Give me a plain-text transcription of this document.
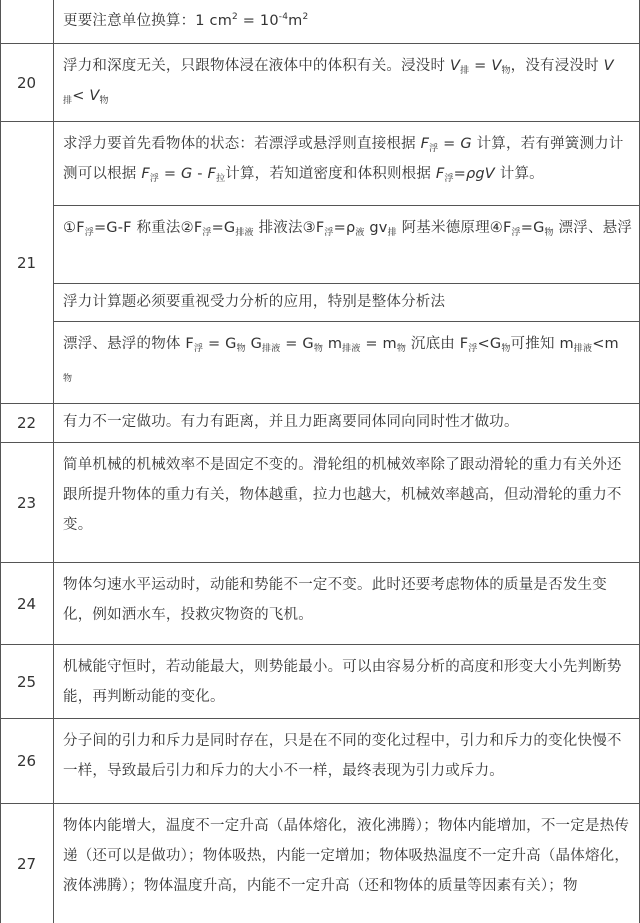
更要注意单位换算：1 $cm^2 = 10^{-4}m^2$
20
浮力和深度无关，只跟物体浸在液体中的体积有关。浸没时 $V_排 = V_物$，没有浸没时 V
$_排< V_物$
21
求浮力要首先看物体的状态：若漂浮或悬浮则直接根据 $F_浮 = G$ 计算，若有弹簧测力计测可以根据 $F_浮 = G - F_拉$计算，若知道密度和体积则根据 $F_浮=\rho gV$ 计算。
$①F_浮=G-F$ 称重法$②F_浮=G_{排液}$ 排液法$③F_浮=\rho_液$ $gv_排$ 阿基米德原理$④F_浮=G_物$ 漂浮、悬浮
浮力计算题必须要重视受力分析的应用，特别是整体分析法
漂浮、悬浮的物体 $F_浮 = G_物$ $G_{排液} = G_物$ $m_{排液} = m_物$ 沉底由 $F_浮<G_物$可推知 $m_{排液}<m$
$_物$
22	有力不一定做功。有力有距离，并且力距离要同体同向同时性才做功。
23
简单机械的机械效率不是固定不变的。滑轮组的机械效率除了跟动滑轮的重力有关外还跟所提升物体的重力有关，物体越重，拉力也越大，机械效率越高，但动滑轮的重力不变。
24
物体匀速水平运动时，动能和势能不一定不变。此时还要考虑物体的质量是否发生变化，例如洒水车，投救灾物资的飞机。
25
机械能守恒时，若动能最大，则势能最小。可以由容易分析的高度和形变大小先判断势能，再判断动能的变化。
26
分子间的引力和斥力是同时存在，只是在不同的变化过程中，引力和斥力的变化快慢不一样，导致最后引力和斥力的大小不一样，最终表现为引力或斥力。
27
物体内能增大，温度不一定升高（晶体熔化，液化沸腾）；物体内能增加，不一定是热传递（还可以是做功）；物体吸热，内能一定增加；物体吸热温度不一定升高（晶体熔化，液体沸腾）；物体温度升高，内能不一定升高（还和物体的质量等因素有关）；物
